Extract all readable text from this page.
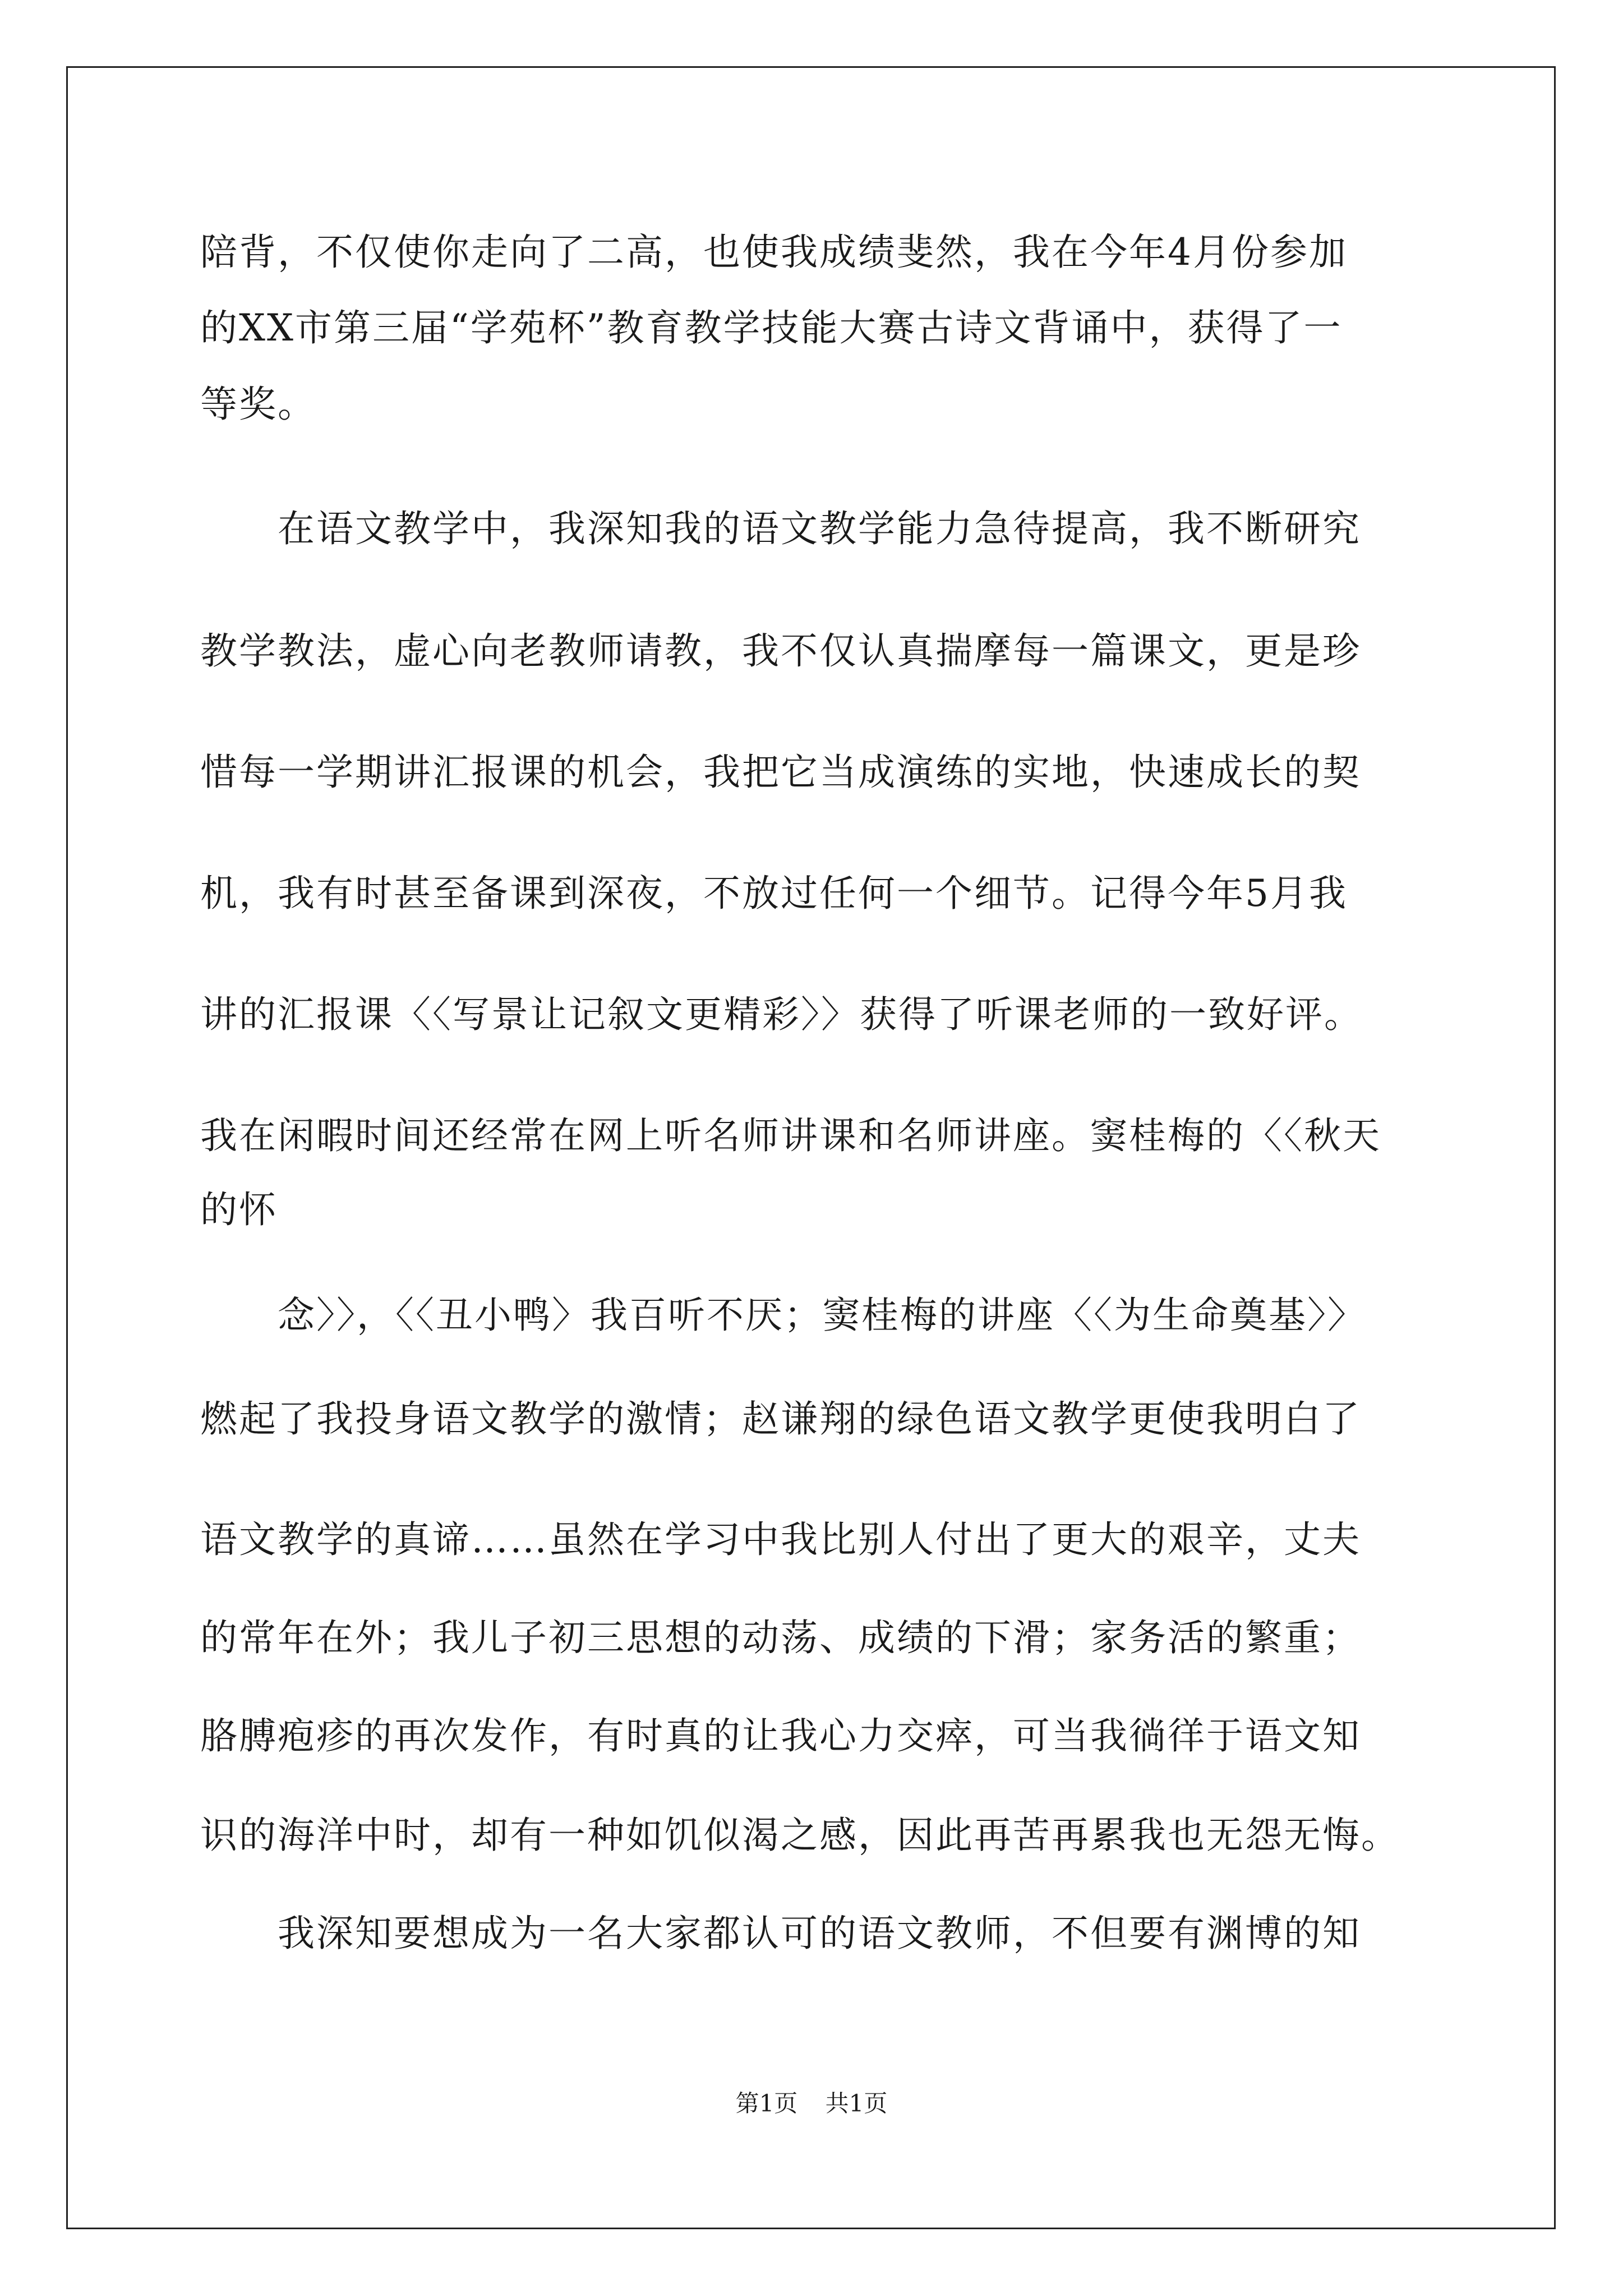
陪背，不仅使你走向了二高，也使我成绩斐然，我在今年4月份参加
的XX市第三届“学苑杯”教育教学技能大赛古诗文背诵中，获得了一
等奖。
在语文教学中，我深知我的语文教学能力急待提高，我不断研究
教学教法，虚心向老教师请教，我不仅认真揣摩每一篇课文，更是珍
惜每一学期讲汇报课的机会，我把它当成演练的实地，快速成长的契
机，我有时甚至备课到深夜，不放过任何一个细节。记得今年5月我
讲的汇报课〈〈写景让记叙文更精彩〉〉获得了听课老师的一致好评。
我在闲暇时间还经常在网上听名师讲课和名师讲座。窦桂梅的〈〈秋天
的怀
念〉〉，〈〈丑小鸭〉我百听不厌；窦桂梅的讲座〈〈为生命奠基〉〉
燃起了我投身语文教学的激情；赵谦翔的绿色语文教学更使我明白了
语文教学的真谛……虽然在学习中我比别人付出了更大的艰辛，丈夫
的常年在外；我儿子初三思想的动荡、成绩的下滑；家务活的繁重；
胳膊疱疹的再次发作，有时真的让我心力交瘁，可当我徜徉于语文知
识的海洋中时，却有一种如饥似渴之感，因此再苦再累我也无怨无悔。
我深知要想成为一名大家都认可的语文教师，不但要有渊博的知
第1页 共1页
